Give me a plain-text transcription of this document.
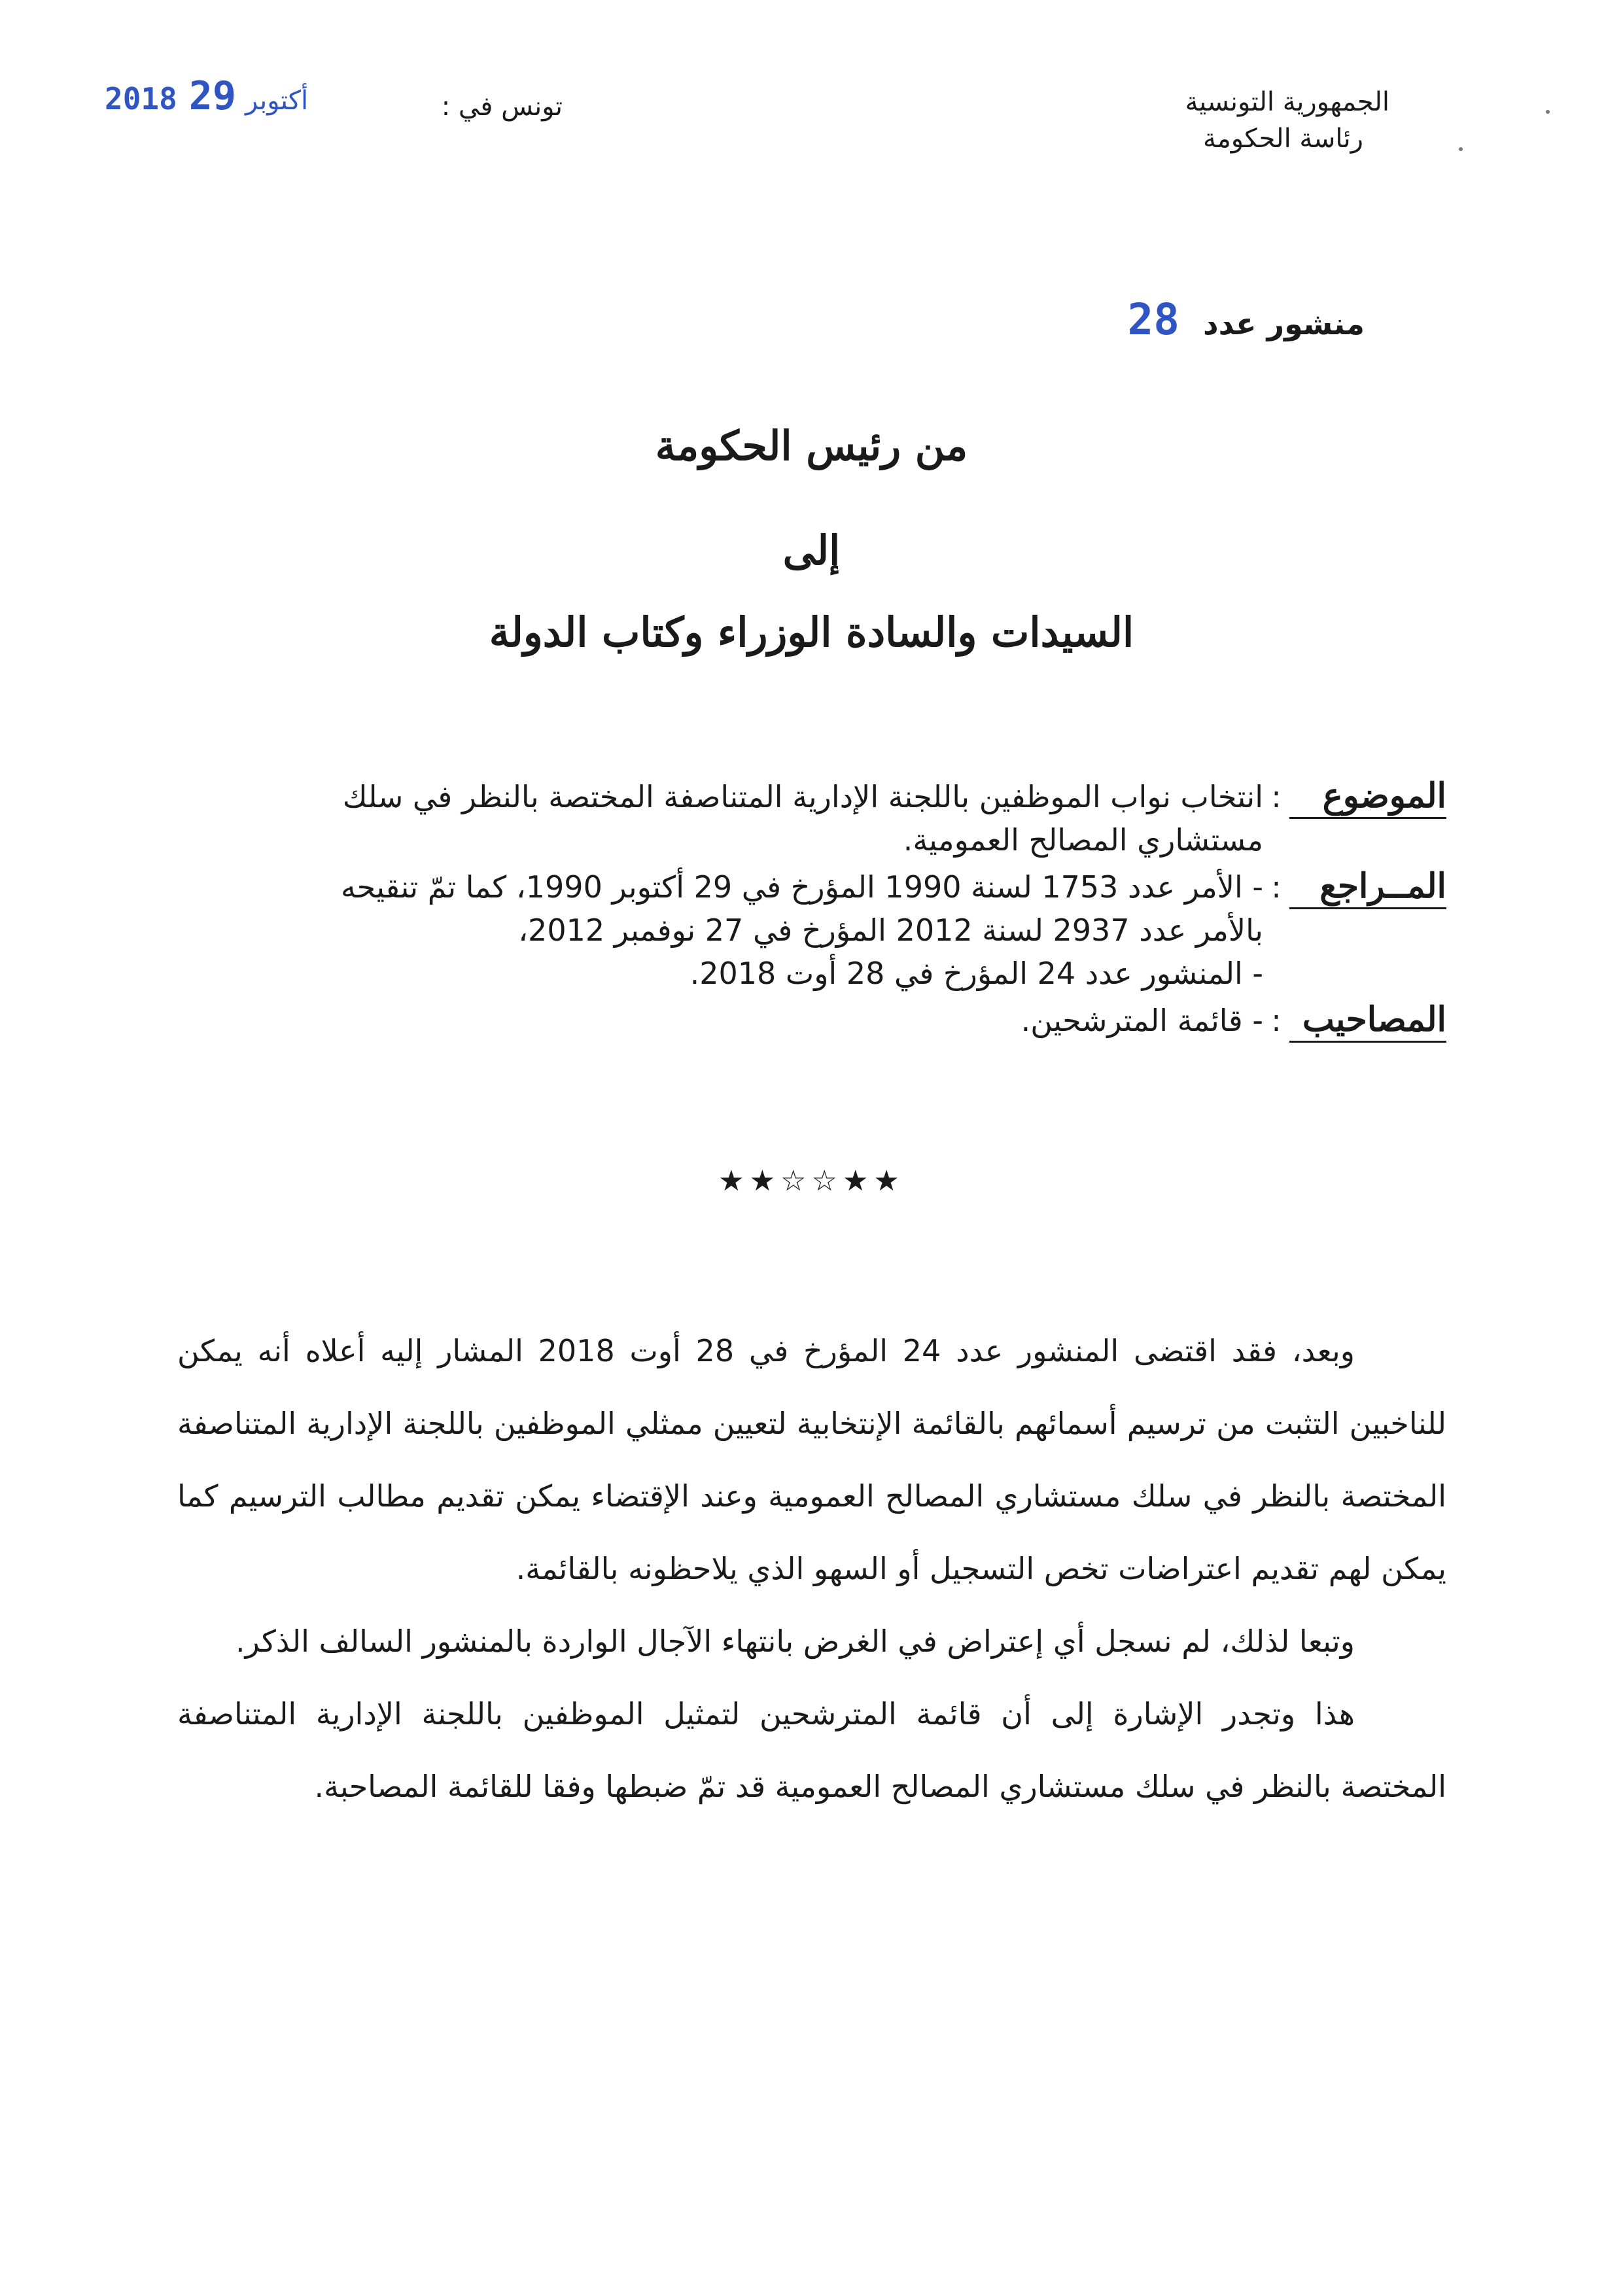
الجمهورية التونسية
رئاسة الحكومة
تونس في :
2018	أكتوبر29
منشور عدد 28
من رئيس الحكومة
إلى
السيدات والسادة الوزراء وكتاب الدولة
الموضوع
:
انتخاب نواب الموظفين باللجنة الإدارية المتناصفة المختصة بالنظر في سلك
مستشاري المصالح العمومية.
المــراجع
:
- الأمر عدد 1753 لسنة 1990 المؤرخ في 29 أكتوبر 1990، كما تمّ تنقيحه
بالأمر عدد 2937 لسنة 2012 المؤرخ في 27 نوفمبر 2012،
- المنشور عدد 24 المؤرخ في 28 أوت 2018.
المصاحيب
:
- قائمة المترشحين.
★★☆☆★★

وبعد، فقد اقتضى المنشور عدد 24 المؤرخ في 28 أوت 2018 المشار إليه أعلاه أنه يمكن للناخبين التثبت من ترسيم أسمائهم بالقائمة الإنتخابية لتعيين ممثلي الموظفين باللجنة الإدارية المتناصفة المختصة بالنظر في سلك مستشاري المصالح العمومية وعند الإقتضاء يمكن تقديم مطالب الترسيم كما يمكن لهم تقديم اعتراضات تخص التسجيل أو السهو الذي يلاحظونه بالقائمة.

وتبعا لذلك، لم نسجل أي إعتراض في الغرض بانتهاء الآجال الواردة بالمنشور السالف الذكر.

هذا وتجدر الإشارة إلى أن قائمة المترشحين لتمثيل الموظفين باللجنة الإدارية المتناصفة المختصة بالنظر في سلك مستشاري المصالح العمومية قد تمّ ضبطها وفقا للقائمة المصاحبة.
